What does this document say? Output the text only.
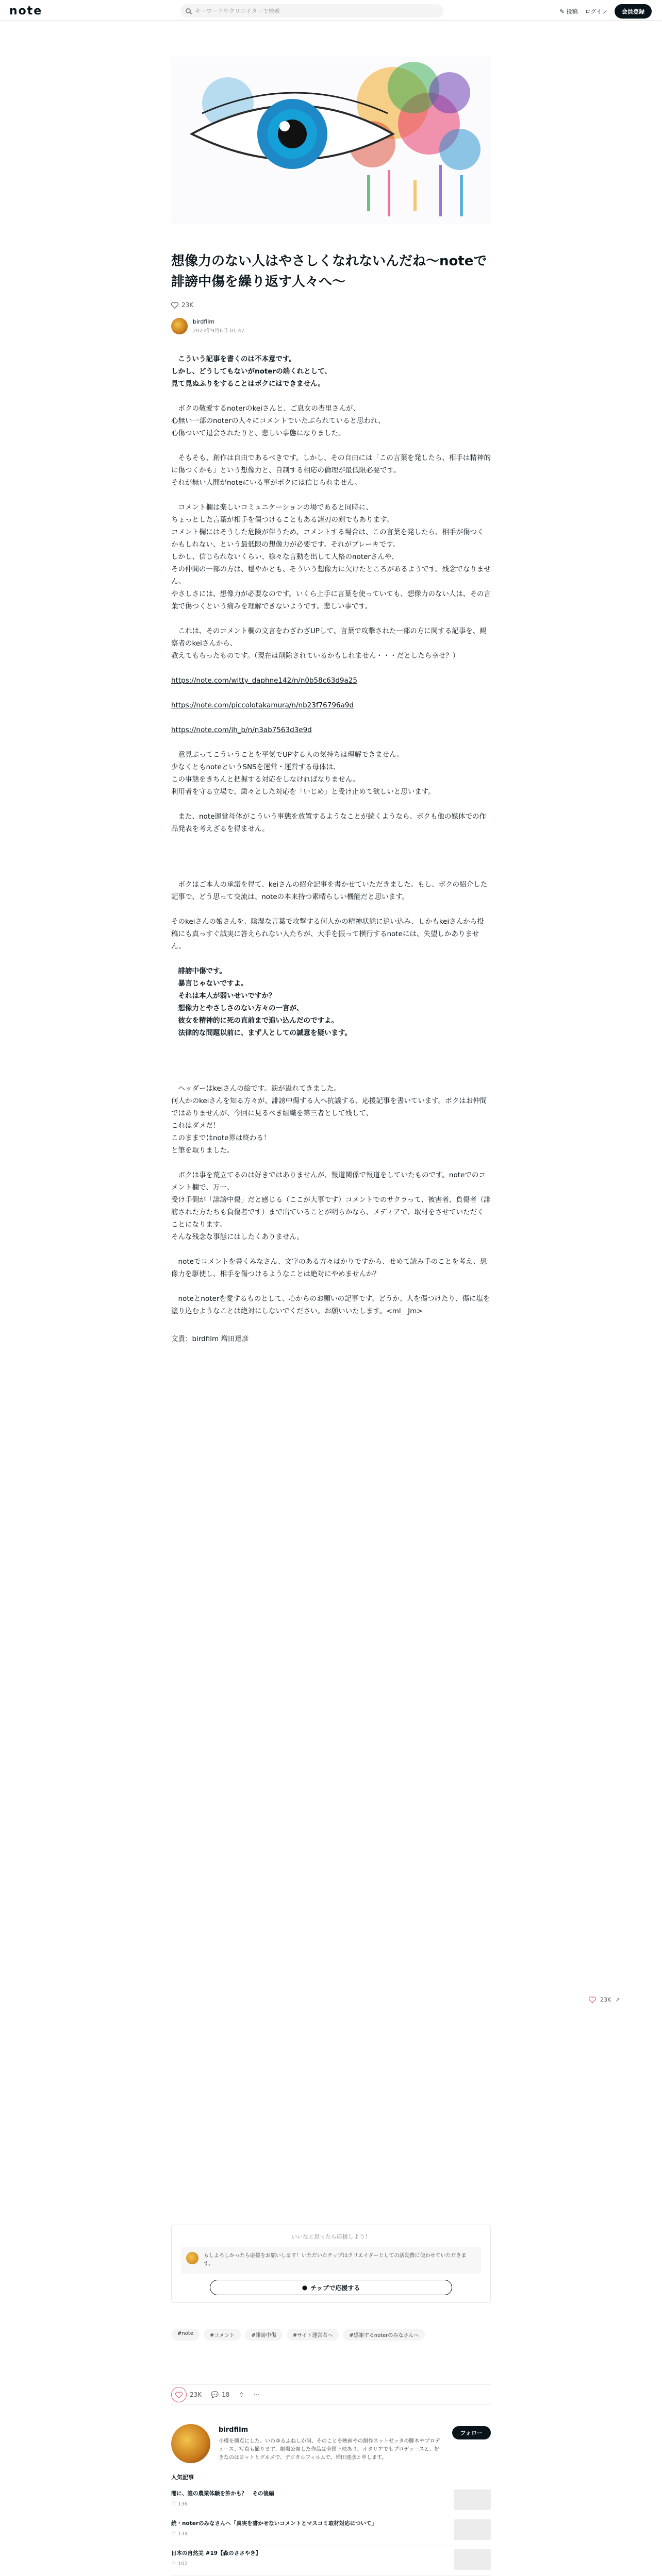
note	キーワードやクリエイターで検索	✎ 投稿 ログイン	会員登録
想像力のない人はやさしくなれないんだね〜noteで誹謗中傷を繰り返す人々へ〜
23K
birdfilm
2023年9月6日 01:47

　こういう記事を書くのは不本意です。
しかし、どうしてもないがnoterの端くれとして、
見て見ぬふりをすることはボクにはできません。

　ボクの敬愛するnoterのkeiさんと、ご息女の杏里さんが、
心無い一部のnoterの人々にコメントでいたぶられていると思われ、
心傷ついて退会されたりと、悲しい事態になりました。

　そもそも、創作は自由であるべきです。しかし、その自由には「この言葉を発したら、相手は精神的に傷つくかも」という想像力と、自制する相応の倫理が最低限必要です。
それが無い人間がnoteにいる事がボクには信じられません。

　コメント欄は楽しいコミュニケーションの場であると同時に、
ちょっとした言葉が相手を傷つけることもある諸刃の剣でもあります。
コメント欄にはそうした危険が伴うため、コメントする場合は、この言葉を発したら、相手が傷つくかもしれない、という最低限の想像力が必要です。それがブレーキです。
しかし、信じられないくらい、様々な言動を出して人格のnoterさんや、
その仲間の一部の方は、穏やかとも、そういう想像力に欠けたところがあるようです。残念でなりません。
やさしさには、想像力が必要なのです。いくら上手に言葉を使っていても、想像力のない人は、その言葉で傷つくという痛みを理解できないようです。悲しい事です。

　これは、そのコメント欄の文言をわざわざUPして、言葉で攻撃された一部の方に関する記事を、観察者のkeiさんから、
教えてもらったものです。（現在は削除されているかもしれません・・・だとしたら幸せ？）

https://note.com/witty_daphne142/n/n0b58c63d9a25

https://note.com/piccolotakamura/n/nb23f76796a9d

https://note.com/ih_b/n/n3ab7563d3e9d

　意見ぶってこういうことを平気でUPする人の気持ちは理解できません。
少なくともnoteというSNSを運営・運営する母体は、
この事態をきちんと把握する対応をしなければなりません。
利用者を守る立場で、粛々とした対応を「いじめ」と受け止めて欲しいと思います。

　また、note運営母体がこういう事態を放置するようなことが続くようなら、ボクも他の媒体での作品発表を考えざるを得ません。

　ボクはご本人の承諾を得て、keiさんの紹介記事を書かせていただきました。もし、ボクの紹介した記事で、どう思って交流は、noteの本来持つ素晴らしい機能だと思います。

そのkeiさんの娘さんを、陰湿な言葉で攻撃する何人かの精神状態に追い込み、しかもkeiさんから投稿にも真っすぐ誠実に答えられない人たちが、大手を振って横行するnoteには、失望しかありません。

　誹謗中傷です。
　暴言じゃないですよ。
　それは本人が弱いせいですか？
　想像力とやさしさのない方々の一言が、
　彼女を精神的に死の直前まで追い込んだのですよ。
　法律的な問題以前に、まず人としての誠意を疑います。

　ヘッダーはkeiさんの絵です。涙が溢れてきました。
何人かのkeiさんを知る方々が、誹謗中傷する人へ抗議する、応援記事を書いています。ボクはお仲間ではありませんが、今回に見るべき組織を第三者として残して、
これはダメだ！
このままではnote界は終わる！
と筆を取りました。

　ボクは事を荒立てるのは好きではありませんが、報道関係で報道をしていたものです。noteでのコメント欄で、万一、
受け手側が「誹謗中傷」だと感じる（ここが大事です）コメントでのサクラって、被害者、負傷者（誹謗された方たちも負傷者です）まで出ていることが明らかなら、メディアで、取材をさせていただくことになります。
そんな残念な事態にはしたくありません。

　noteでコメントを書くみなさん、文字のある方々はかりですから、せめて読み手のことを考え、想像力を駆使し、相手を傷つけるようなことは絶対にやめませんか？

　noteとnoterを愛するものとして、心からのお願いの記事です。どうか、人を傷つけたり、傷に塩を塗り込むようなことは絶対にしないでください。お願いいたします。<ml＿Jm>

文責：birdfilm 増田達彦
23K ↗
いいなと思ったら応援しよう！
もしよろしかったら応援をお願いします！いただいたチップはクリエイターとしての活動費に使わせていただきます。
● チップで応援する
#note	#コメント	#誹謗中傷	#サイト運営者へ	#感謝するnoterのみなさんへ
23K 💬 18 ⇧ ⋯
birdfilm
小樽を拠点にした、いわゆるふねしか詞、そのことを映画やの創作ネットゼッタの脚本やプロデュース、写真も撮ります。劇場公開した作品は全国上映あり。イタリアでもプロデュースと、好きなのはヨットとグルメで、デジタルフィルムで、増田達彦と申します。
フォロー
人気記事
闇に、誰の農業体験を許かも？　その後編
♡ 136
続・noterのみなさんへ「真実を書かせないコメントとマスコミ取材対応について」
♡ 134
日本の自然美 #19【森のささやき】
♡ 102
